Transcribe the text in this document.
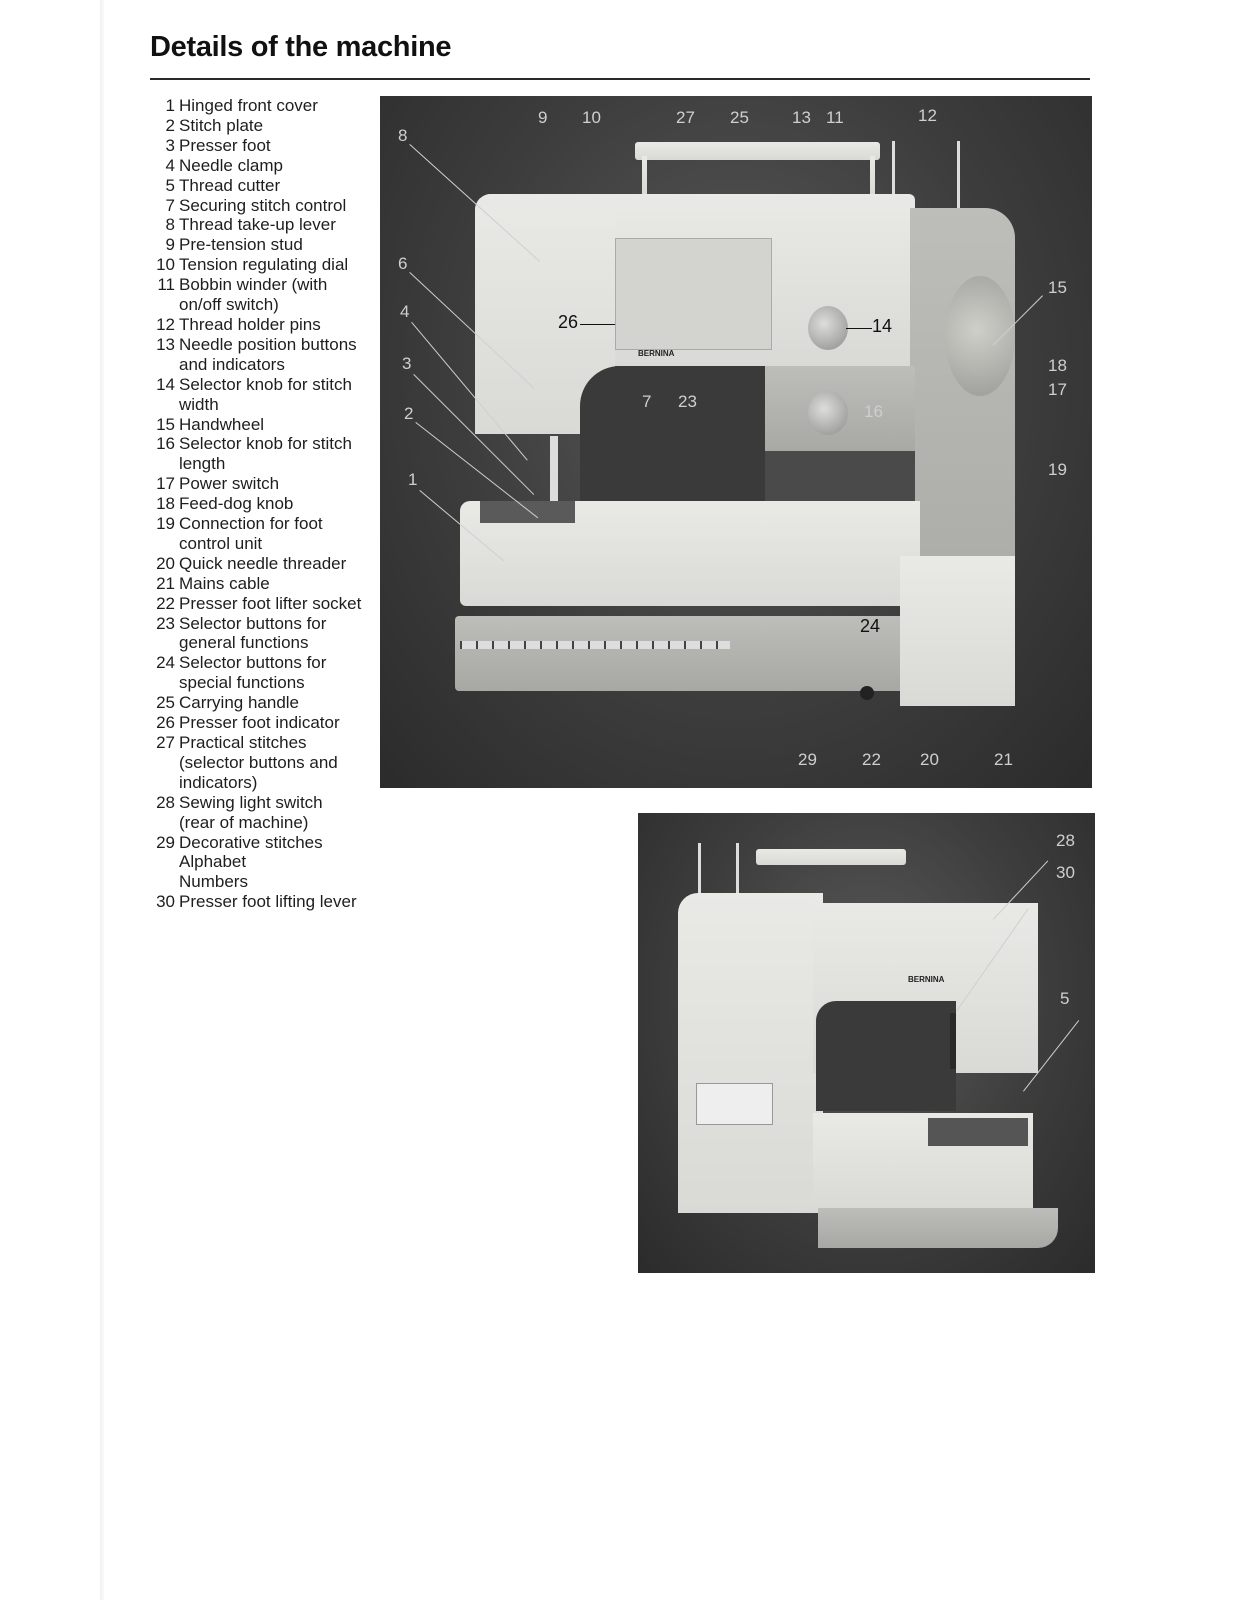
Details of the machine
1 Hinged front cover
2 Stitch plate
3 Presser foot
4 Needle clamp
5 Thread cutter
7 Securing stitch control
8 Thread take-up lever
9 Pre-tension stud
10 Tension regulating dial
11 Bobbin winder (with
on/off switch)
12 Thread holder pins
13 Needle position buttons
and indicators
14 Selector knob for stitch
width
15 Handwheel
16 Selector knob for stitch
length
17 Power switch
18 Feed-dog knob
19 Connection for foot
control unit
20 Quick needle threader
21 Mains cable
22 Presser foot lifter socket
23 Selector buttons for
general functions
24 Selector buttons for
special functions
25 Carrying handle
26 Presser foot indicator
27 Practical stitches
(selector buttons and
indicators)
28 Sewing light switch
(rear of machine)
29 Decorative stitches
Alphabet
Numbers
30 Presser foot lifting lever
BERNINA
8
9 10	27 25	13 11	12
6
4
3
2
1
15
18
17
19
7 23
16
29	22 20	21
26	14
24
BERNINA
28
30
5
